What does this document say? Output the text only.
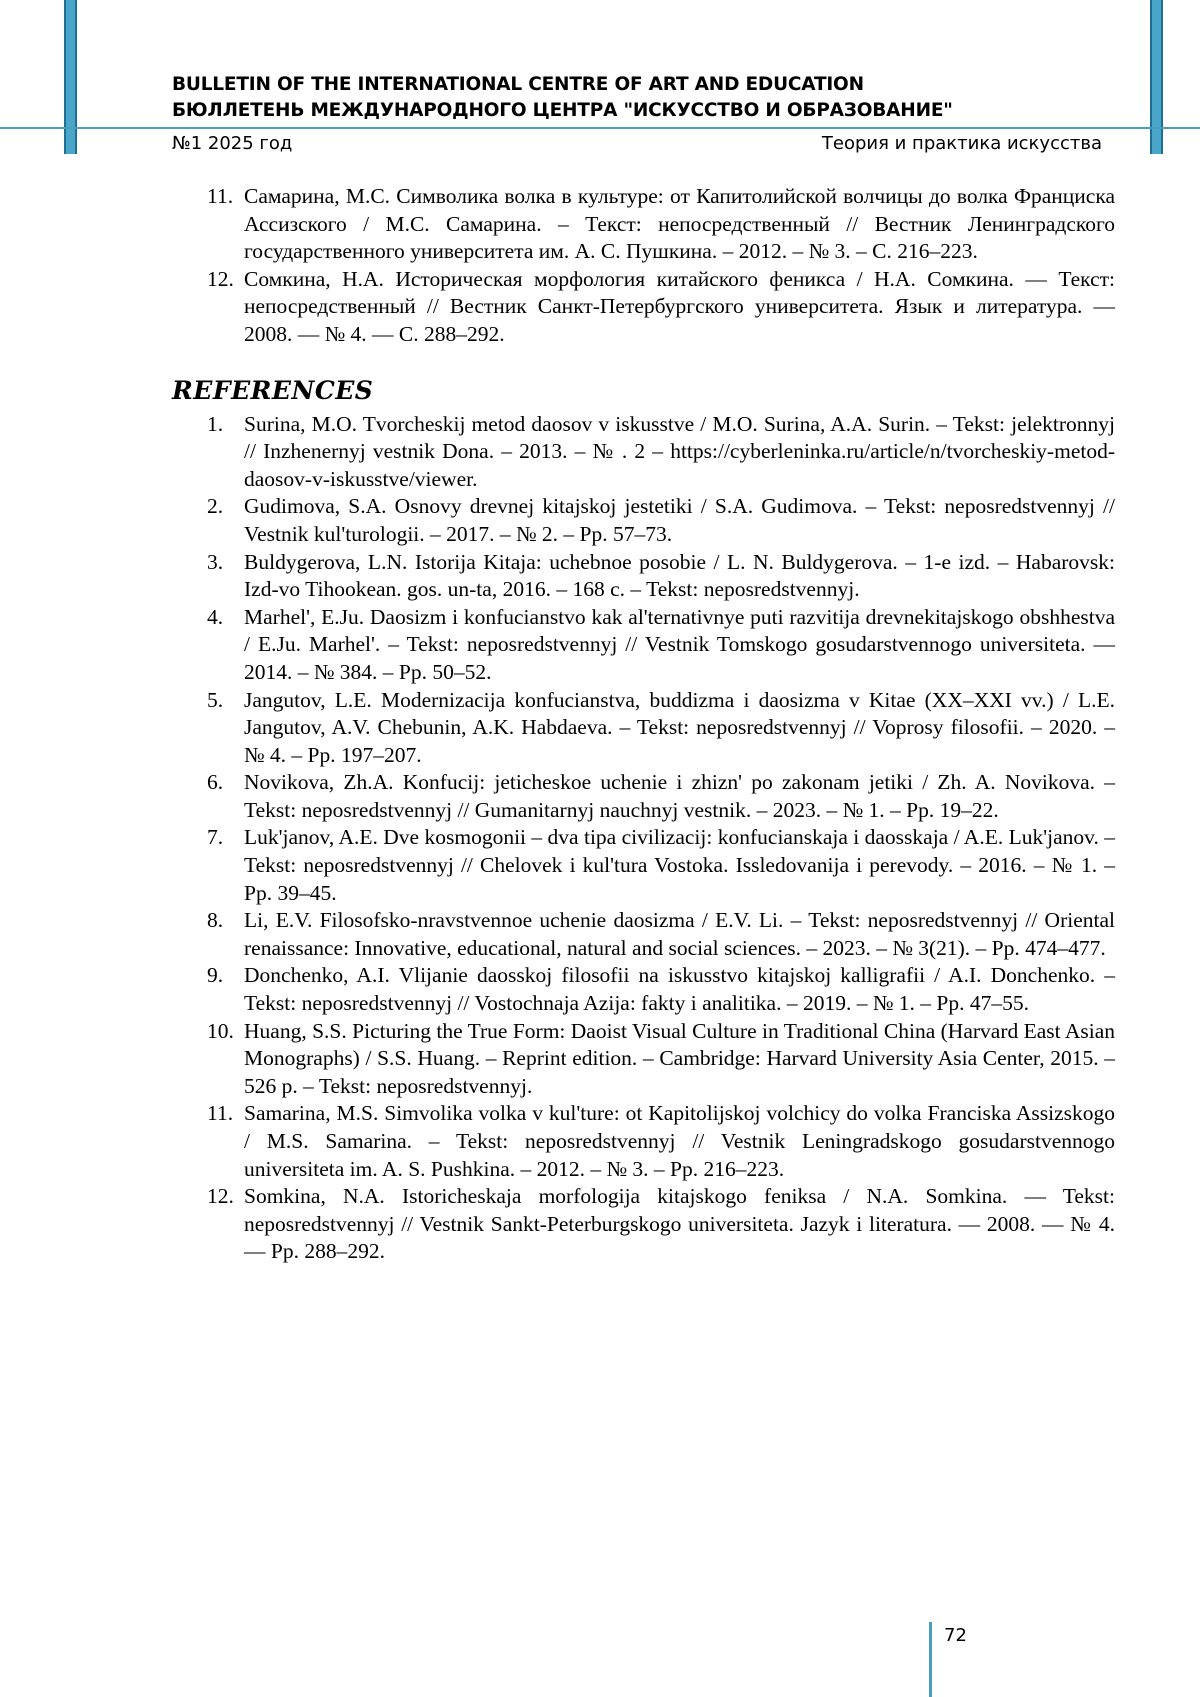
BULLETIN OF THE INTERNATIONAL CENTRE OF ART AND EDUCATION
БЮЛЛЕТЕНЬ МЕЖДУНАРОДНОГО ЦЕНТРА "ИСКУССТВО И ОБРАЗОВАНИЕ"
№1 2025 год	Теория и практика искусства
11. Самарина, М.С. Символика волка в культуре: от Капитолийской волчицы до волка Франциска Ассизского / М.С. Самарина. – Текст: непосредственный // Вестник Ленинградского государственного университета им. А. С. Пушкина. – 2012. – № 3. – С. 216–223.
12. Сомкина, Н.А. Историческая морфология китайского феникса / Н.А. Сомкина. — Текст: непосредственный // Вестник Санкт-Петербургского университета. Язык и литература. — 2008. — № 4. — С. 288–292.
REFERENCES
1. Surina, M.O. Tvorcheskij metod daosov v iskusstve / M.O. Surina, A.A. Surin. – Tekst: jelektronnyj // Inzhenernyj vestnik Dona. – 2013. – № . 2 – https://cyberleninka.ru/article/n/tvorcheskiy-metod-daosov-v-iskusstve/viewer.
2. Gudimova, S.A. Osnovy drevnej kitajskoj jestetiki / S.A. Gudimova. – Tekst: neposredstvennyj // Vestnik kul'turologii. – 2017. – № 2. – Pp. 57–73.
3. Buldygerova, L.N. Istorija Kitaja: uchebnoe posobie / L. N. Buldygerova. – 1-e izd. – Habarovsk: Izd-vo Tihookean. gos. un-ta, 2016. – 168 c. – Tekst: neposredstvennyj.
4. Marhel', E.Ju. Daosizm i konfucianstvo kak al'ternativnye puti razvitija drevnekitajskogo obshhestva / E.Ju. Marhel'. – Tekst: neposredstvennyj // Vestnik Tomskogo gosudarstvennogo universiteta. — 2014. – № 384. – Pp. 50–52.
5. Jangutov, L.E. Modernizacija konfucianstva, buddizma i daosizma v Kitae (XX–XXI vv.) / L.E. Jangutov, A.V. Chebunin, A.K. Habdaeva. – Tekst: neposredstvennyj // Voprosy filosofii. – 2020. – № 4. – Pp. 197–207.
6. Novikova, Zh.A. Konfucij: jeticheskoe uchenie i zhizn' po zakonam jetiki / Zh. A. Novikova. – Tekst: neposredstvennyj // Gumanitarnyj nauchnyj vestnik. – 2023. – № 1. – Pp. 19–22.
7. Luk'janov, A.E. Dve kosmogonii – dva tipa civilizacij: konfucianskaja i daosskaja / A.E. Luk'janov. – Tekst: neposredstvennyj // Chelovek i kul'tura Vostoka. Issledovanija i perevody. – 2016. – № 1. – Pp. 39–45.
8. Li, E.V. Filosofsko-nravstvennoe uchenie daosizma / E.V. Li. – Tekst: neposredstvennyj // Oriental renaissance: Innovative, educational, natural and social sciences. – 2023. – № 3(21). – Pp. 474–477.
9. Donchenko, A.I. Vlijanie daosskoj filosofii na iskusstvo kitajskoj kalligrafii / A.I. Donchenko. – Tekst: neposredstvennyj // Vostochnaja Azija: fakty i analitika. – 2019. – № 1. – Pp. 47–55.
10. Huang, S.S. Picturing the True Form: Daoist Visual Culture in Traditional China (Harvard East Asian Monographs) / S.S. Huang. – Reprint edition. – Cambridge: Harvard University Asia Center, 2015. – 526 p. – Tekst: neposredstvennyj.
11. Samarina, M.S. Simvolika volka v kul'ture: ot Kapitolijskoj volchicy do volka Franciska Assizskogo / M.S. Samarina. – Tekst: neposredstvennyj // Vestnik Leningradskogo gosudarstvennogo universiteta im. A. S. Pushkina. – 2012. – № 3. – Pp. 216–223.
12. Somkina, N.A. Istoricheskaja morfologija kitajskogo feniksa / N.A. Somkina. — Tekst: neposredstvennyj // Vestnik Sankt-Peterburgskogo universiteta. Jazyk i literatura. — 2008. — № 4. — Pp. 288–292.
72
